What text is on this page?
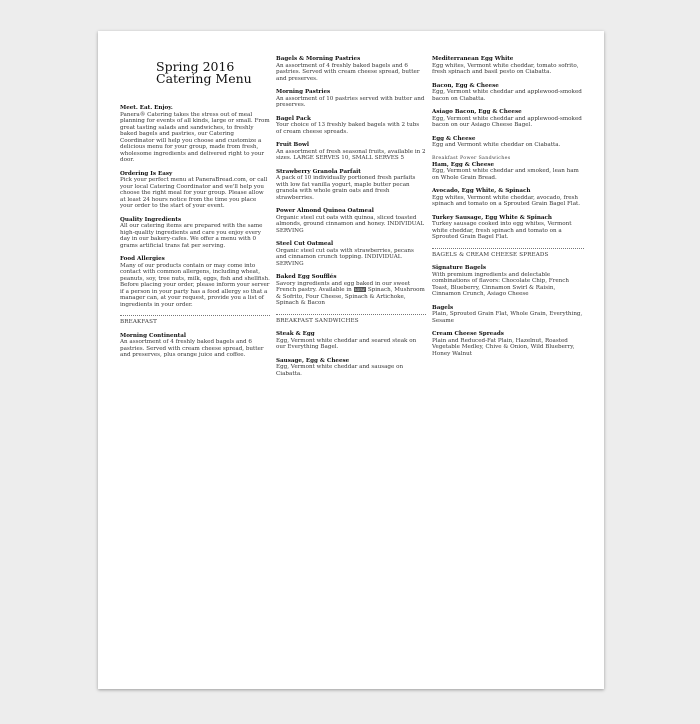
Spring 2016
Catering Menu
Meet. Eat. Enjoy.
Panera® Catering takes the stress out of meal planning for events of all kinds, large or small. From great tasting salads and sandwiches, to freshly baked bagels and pastries, our Catering Coordinator will help you choose and customize a delicious menu for your group, made from fresh, wholesome ingredients and delivered right to your door.
Ordering Is Easy
Pick your perfect menu at PaneraBread.com, or call your local Catering Coordinator and we'll help you choose the right meal for your group. Please allow at least 24 hours notice from the time you place your order to the start of your event.
Quality Ingredients
All our catering items are prepared with the same high-quality ingredients and care you enjoy every day in our bakery-cafes. We offer a menu with 0 grams artificial trans fat per serving.
Food Allergies
Many of our products contain or may come into contact with common allergens, including wheat, peanuts, soy, tree nuts, milk, eggs, fish and shellfish. Before placing your order, please inform your server if a person in your party has a food allergy so that a manager can, at your request, provide you a list of ingredients in your order.
BREAKFAST
Morning Continental
An assortment of 4 freshly baked bagels and 6 pastries. Served with cream cheese spread, butter and preserves, plus orange juice and coffee.
Bagels & Morning Pastries
An assortment of 4 freshly baked bagels and 6 pastries. Served with cream cheese spread, butter and preserves.
Morning Pastries
An assortment of 10 pastries served with butter and preserves.
Bagel Pack
Your choice of 13 freshly baked bagels with 2 tubs of cream cheese spreads.
Fruit Bowl
An assortment of fresh seasonal fruits, available in 2 sizes. LARGE SERVES 10, SMALL SERVES 5
Strawberry Granola Parfait
A pack of 10 individually portioned fresh parfaits with low fat vanilla yogurt, maple butter pecan granola with whole grain oats and fresh strawberries.
Power Almond Quinoa Oatmeal
Organic steel cut oats with quinoa, sliced toasted almonds, ground cinnamon and honey. INDIVIDUAL SERVING
Steel Cut Oatmeal
Organic steel cut oats with strawberries, pecans and cinnamon crunch topping. INDIVIDUAL SERVING
Baked Egg Soufflés
Savory ingredients and egg baked in our sweet French pastry. Available in NEW Spinach, Mushroom & Sofrito, Four Cheese, Spinach & Artichoke, Spinach & Bacon
BREAKFAST SANDWICHES
Steak & Egg
Egg, Vermont white cheddar and seared steak on our Everything Bagel.
Sausage, Egg & Cheese
Egg, Vermont white cheddar and sausage on Ciabatta.
Mediterranean Egg White
Egg whites, Vermont white cheddar, tomato sofrito, fresh spinach and basil pesto on Ciabatta.
Bacon, Egg & Cheese
Egg, Vermont white cheddar and applewood-smoked bacon on Ciabatta.
Asiago Bacon, Egg & Cheese
Egg, Vermont white cheddar and applewood-smoked bacon on our Asiago Cheese Bagel.
Egg & Cheese
Egg and Vermont white cheddar on Ciabatta.
Breakfast Power Sandwiches
Ham, Egg & Cheese
Egg, Vermont white cheddar and smoked, lean ham on Whole Grain Bread.
Avocado, Egg White, & Spinach
Egg whites, Vermont white cheddar, avocado, fresh spinach and tomato on a Sprouted Grain Bagel Flat.
Turkey Sausage, Egg White & Spinach
Turkey sausage cooked into egg whites, Vermont white cheddar, fresh spinach and tomato on a Sprouted Grain Bagel Flat.
BAGELS & CREAM CHEESE SPREADS
Signature Bagels
With premium ingredients and delectable combinations of flavors: Chocolate Chip, French Toast, Blueberry, Cinnamon Swirl & Raisin, Cinnamon Crunch, Asiago Cheese
Bagels
Plain, Sprouted Grain Flat, Whole Grain, Everything, Sesame
Cream Cheese Spreads
Plain and Reduced-Fat Plain, Hazelnut, Roasted Vegetable Medley, Chive & Onion, Wild Blueberry, Honey Walnut
